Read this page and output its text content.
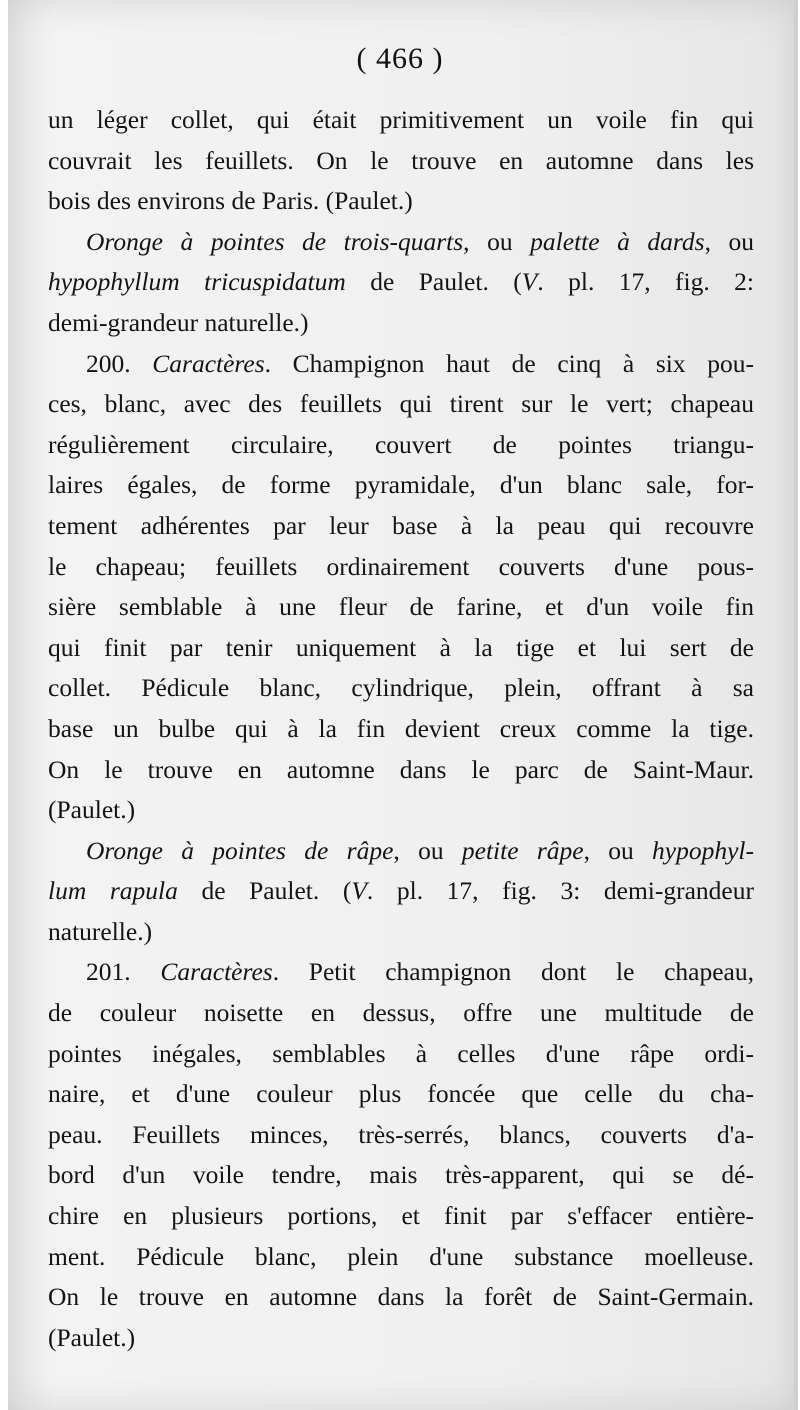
( 466 )
un léger collet, qui était primitivement un voile fin qui
couvrait les feuillets. On le trouve en automne dans les
bois des environs de Paris. (Paulet.)
Oronge à pointes de trois-quarts, ou palette à dards, ou
hypophyllum tricuspidatum de Paulet. (V. pl. 17, fig. 2:
demi-grandeur naturelle.)
200. Caractères. Champignon haut de cinq à six pou-
ces, blanc, avec des feuillets qui tirent sur le vert; chapeau
régulièrement circulaire, couvert de pointes triangu-
laires égales, de forme pyramidale, d'un blanc sale, for-
tement adhérentes par leur base à la peau qui recouvre
le chapeau; feuillets ordinairement couverts d'une pous-
sière semblable à une fleur de farine, et d'un voile fin
qui finit par tenir uniquement à la tige et lui sert de
collet. Pédicule blanc, cylindrique, plein, offrant à sa
base un bulbe qui à la fin devient creux comme la tige.
On le trouve en automne dans le parc de Saint-Maur.
(Paulet.)
Oronge à pointes de râpe, ou petite râpe, ou hypophyl-
lum rapula de Paulet. (V. pl. 17, fig. 3: demi-grandeur
naturelle.)
201. Caractères. Petit champignon dont le chapeau,
de couleur noisette en dessus, offre une multitude de
pointes inégales, semblables à celles d'une râpe ordi-
naire, et d'une couleur plus foncée que celle du cha-
peau. Feuillets minces, très-serrés, blancs, couverts d'a-
bord d'un voile tendre, mais très-apparent, qui se dé-
chire en plusieurs portions, et finit par s'effacer entière-
ment. Pédicule blanc, plein d'une substance moelleuse.
On le trouve en automne dans la forêt de Saint-Germain.
(Paulet.)
